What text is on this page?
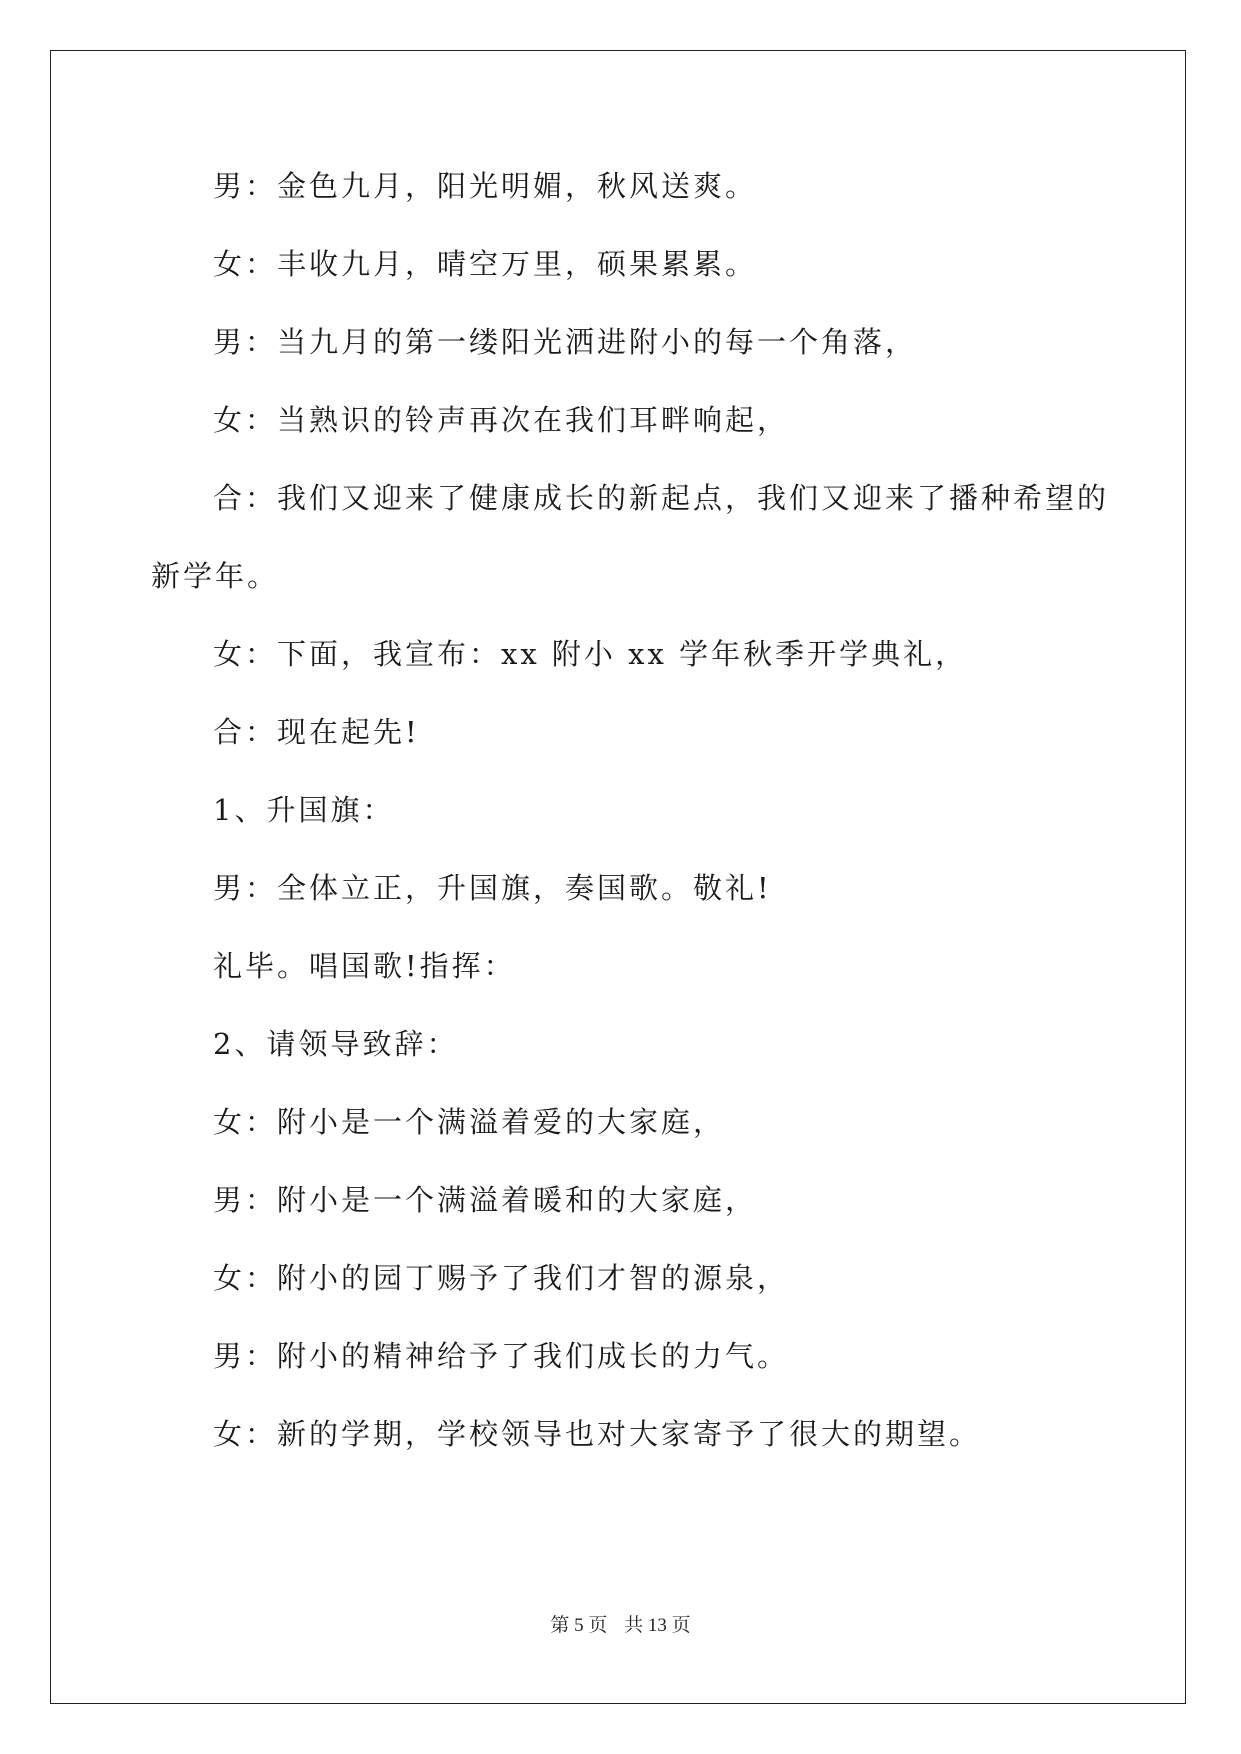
男：金色九月，阳光明媚，秋风送爽。
女：丰收九月，晴空万里，硕果累累。
男：当九月的第一缕阳光洒进附小的每一个角落，
女：当熟识的铃声再次在我们耳畔响起，
合：我们又迎来了健康成长的新起点，我们又迎来了播种希望的
新学年。
女：下面，我宣布：xx 附小 xx 学年秋季开学典礼，
合：现在起先!
1、升国旗：
男：全体立正，升国旗，奏国歌。敬礼!
礼毕。唱国歌!指挥：
2、请领导致辞：
女：附小是一个满溢着爱的大家庭，
男：附小是一个满溢着暖和的大家庭，
女：附小的园丁赐予了我们才智的源泉，
男：附小的精神给予了我们成长的力气。
女：新的学期，学校领导也对大家寄予了很大的期望。
第 5 页 共 13 页
